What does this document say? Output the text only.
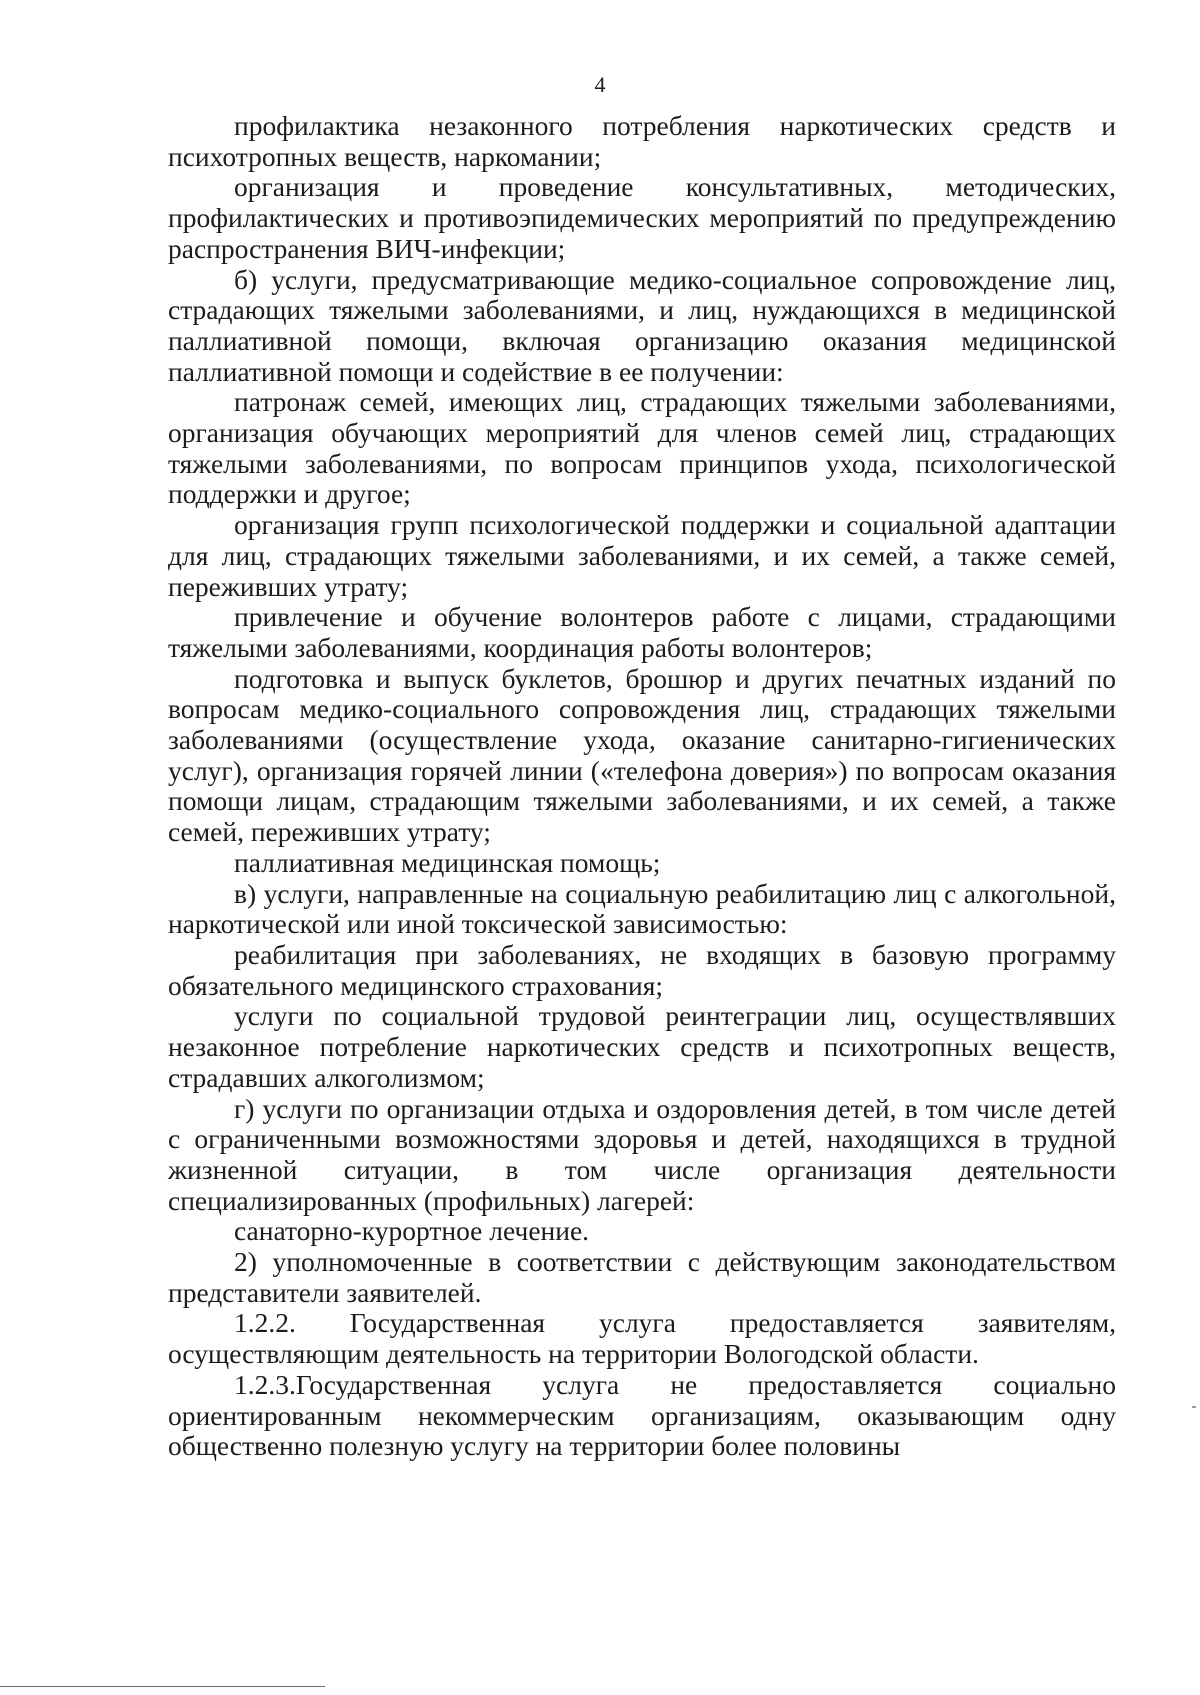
4

профилактика незаконного потребления наркотических средств и психотропных веществ, наркомании;

организация и проведение консультативных, методических, профилактических и противоэпидемических мероприятий по предупреждению распространения ВИЧ-инфекции;

б) услуги, предусматривающие медико-социальное сопровождение лиц, страдающих тяжелыми заболеваниями, и лиц, нуждающихся в медицинской паллиативной помощи, включая организацию оказания медицинской паллиативной помощи и содействие в ее получении:

патронаж семей, имеющих лиц, страдающих тяжелыми заболеваниями, организация обучающих мероприятий для членов семей лиц, страдающих тяжелыми заболеваниями, по вопросам принципов ухода, психологической поддержки и другое;

организация групп психологической поддержки и социальной адаптации для лиц, страдающих тяжелыми заболеваниями, и их семей, а также семей, переживших утрату;

привлечение и обучение волонтеров работе с лицами, страдающими тяжелыми заболеваниями, координация работы волонтеров;

подготовка и выпуск буклетов, брошюр и других печатных изданий по вопросам медико-социального сопровождения лиц, страдающих тяжелыми заболеваниями (осуществление ухода, оказание санитарно-гигиенических услуг), организация горячей линии («телефона доверия») по вопросам оказания помощи лицам, страдающим тяжелыми заболеваниями, и их семей, а также семей, переживших утрату;

паллиативная медицинская помощь;

в) услуги, направленные на социальную реабилитацию лиц с алкогольной, наркотической или иной токсической зависимостью:

реабилитация при заболеваниях, не входящих в базовую программу обязательного медицинского страхования;

услуги по социальной трудовой реинтеграции лиц, осуществлявших незаконное потребление наркотических средств и психотропных веществ, страдавших алкоголизмом;

г) услуги по организации отдыха и оздоровления детей, в том числе детей с ограниченными возможностями здоровья и детей, находящихся в трудной жизненной ситуации, в том числе организация деятельности специализированных (профильных) лагерей:

санаторно-курортное лечение.

2) уполномоченные в соответствии с действующим законодательством представители заявителей.

1.2.2. Государственная услуга предоставляется заявителям, осуществляющим деятельность на территории Вологодской области.

1.2.3.Государственная услуга не предоставляется социально ориентированным некоммерческим организациям, оказывающим одну общественно полезную услугу на территории более половины
